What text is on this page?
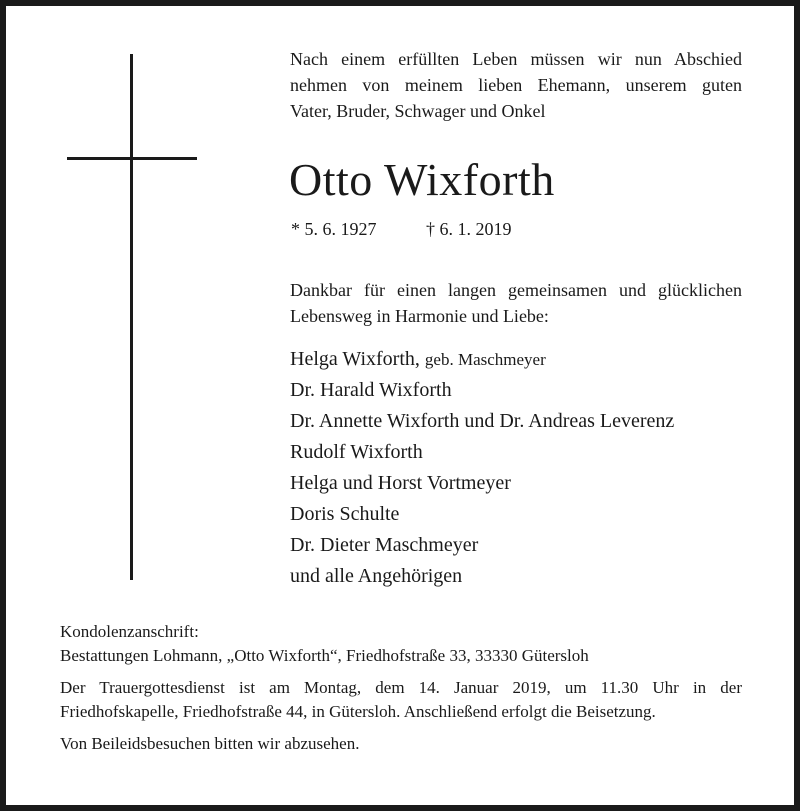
Nach einem erfüllten Leben müssen wir nun Abschied
nehmen von meinem lieben Ehemann, unserem guten
Vater, Bruder, Schwager und Onkel

Otto Wixforth
* 5. 6. 1927	† 6. 1. 2019

Dankbar für einen langen gemeinsamen und glücklichen
Lebensweg in Harmonie und Liebe:

Helga Wixforth, geb. Maschmeyer
Dr. Harald Wixforth
Dr. Annette Wixforth und Dr. Andreas Leverenz
Rudolf Wixforth
Helga und Horst Vortmeyer
Doris Schulte
Dr. Dieter Maschmeyer
und alle Angehörigen

Kondolenzanschrift:

Bestattungen Lohmann, „Otto Wixforth“, Friedhofstraße 33, 33330 Gütersloh

Der Trauergottesdienst ist am Montag, dem 14. Januar 2019, um 11.30 Uhr in der

Friedhofskapelle, Friedhofstraße 44, in Gütersloh. Anschließend erfolgt die Beisetzung.

Von Beileidsbesuchen bitten wir abzusehen.
